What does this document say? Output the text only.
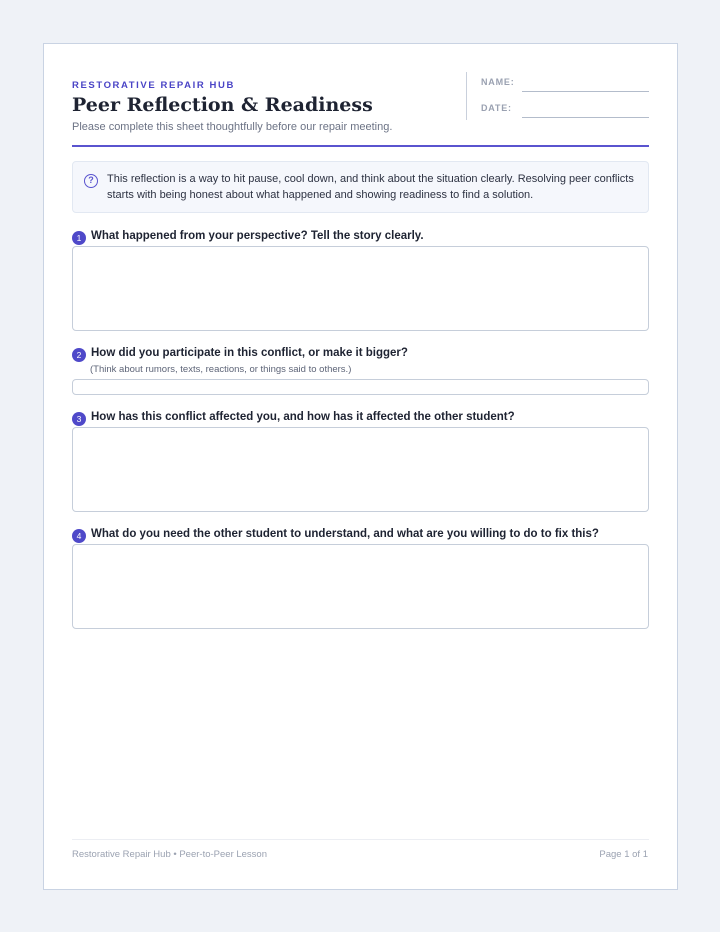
RESTORATIVE REPAIR HUB
Peer Reflection & Readiness
Please complete this sheet thoughtfully before our repair meeting.
NAME:
DATE:
?	This reflection is a way to hit pause, cool down, and think about the situation clearly. Resolving peer conflicts starts with being honest about what happened and showing readiness to find a solution.
1 What happened from your perspective? Tell the story clearly.
2 How did you participate in this conflict, or make it bigger?
(Think about rumors, texts, reactions, or things said to others.)
3 How has this conflict affected you, and how has it affected the other student?
4 What do you need the other student to understand, and what are you willing to do to fix this?
Restorative Repair Hub • Peer-to-Peer Lesson	Page 1 of 1
